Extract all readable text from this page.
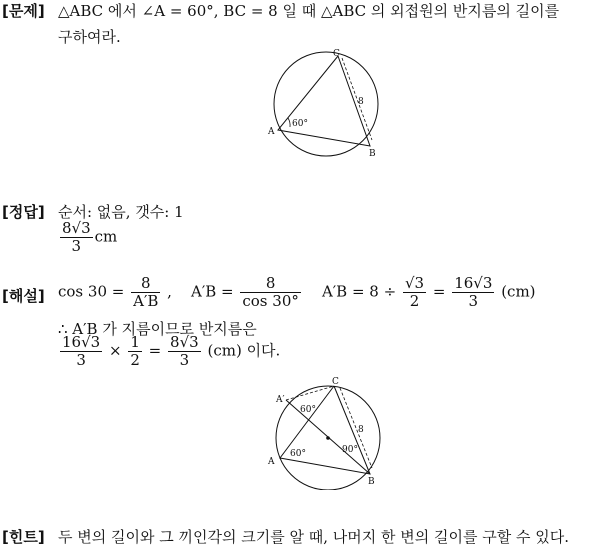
[문제] △ABC 에서 ∠A = 60°, BC = 8 일 때 △ABC 의 외접원의 반지름의 길이를
구하여라.
C
A
B
60°
8
[정답] 순서: 없음, 갯수: 1
$\frac{8√3}{3}$ cm
[해설] $\cos 30 = \frac{8}{A'B}$ ,    $A'B = \frac{8}{\cos 30^\circ} A'B = 8 \div \frac{√3}{2} = \frac{16√3}{3} (cm)$
∴ A′B 가 지름이므로 반지름은
$\frac{16√3}{3} \times \frac{1}{2} = \frac{8√3}{3} (cm)$ 이다.
C
A′
A
B
60°
60°	90°
8
[힌트] 두 변의 길이와 그 끼인각의 크기를 알 때, 나머지 한 변의 길이를 구할 수 있다.
